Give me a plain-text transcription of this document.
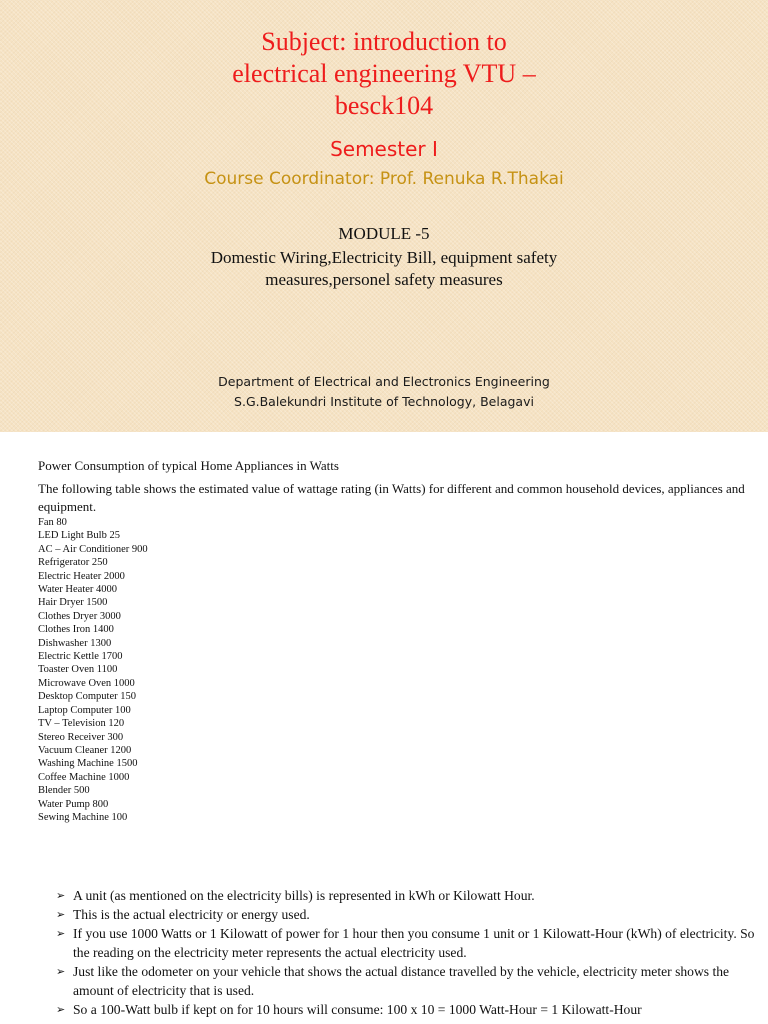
Subject: introduction to
electrical engineering VTU –
besck104
Semester I
Course Coordinator: Prof. Renuka R.Thakai
MODULE -5
Domestic Wiring,Electricity Bill, equipment safety
measures,personel safety measures
Department of Electrical and Electronics Engineering
S.G.Balekundri Institute of Technology, Belagavi
Power Consumption of typical Home Appliances in Watts
The following table shows the estimated value of wattage rating (in Watts) for different and common household devices, appliances and equipment.
Fan 80
LED Light Bulb 25
AC – Air Conditioner 900
Refrigerator 250
Electric Heater 2000
Water Heater 4000
Hair Dryer 1500
Clothes Dryer 3000
Clothes Iron 1400
Dishwasher 1300
Electric Kettle 1700
Toaster Oven 1100
Microwave Oven 1000
Desktop Computer 150
Laptop Computer 100
TV – Television 120
Stereo Receiver 300
Vacuum Cleaner 1200
Washing Machine 1500
Coffee Machine 1000
Blender 500
Water Pump 800
Sewing Machine 100
➢ A unit (as mentioned on the electricity bills) is represented in kWh or Kilowatt Hour.
➢ This is the actual electricity or energy used.
➢ If you use 1000 Watts or 1 Kilowatt of power for 1 hour then you consume 1 unit or 1 Kilowatt-Hour (kWh) of electricity. So the reading on the electricity meter represents the actual electricity used.
➢ Just like the odometer on your vehicle that shows the actual distance travelled by the vehicle, electricity meter shows the amount of electricity that is used.
➢ So a 100-Watt bulb if kept on for 10 hours will consume: 100 x 10 = 1000 Watt-Hour = 1 Kilowatt-Hour
